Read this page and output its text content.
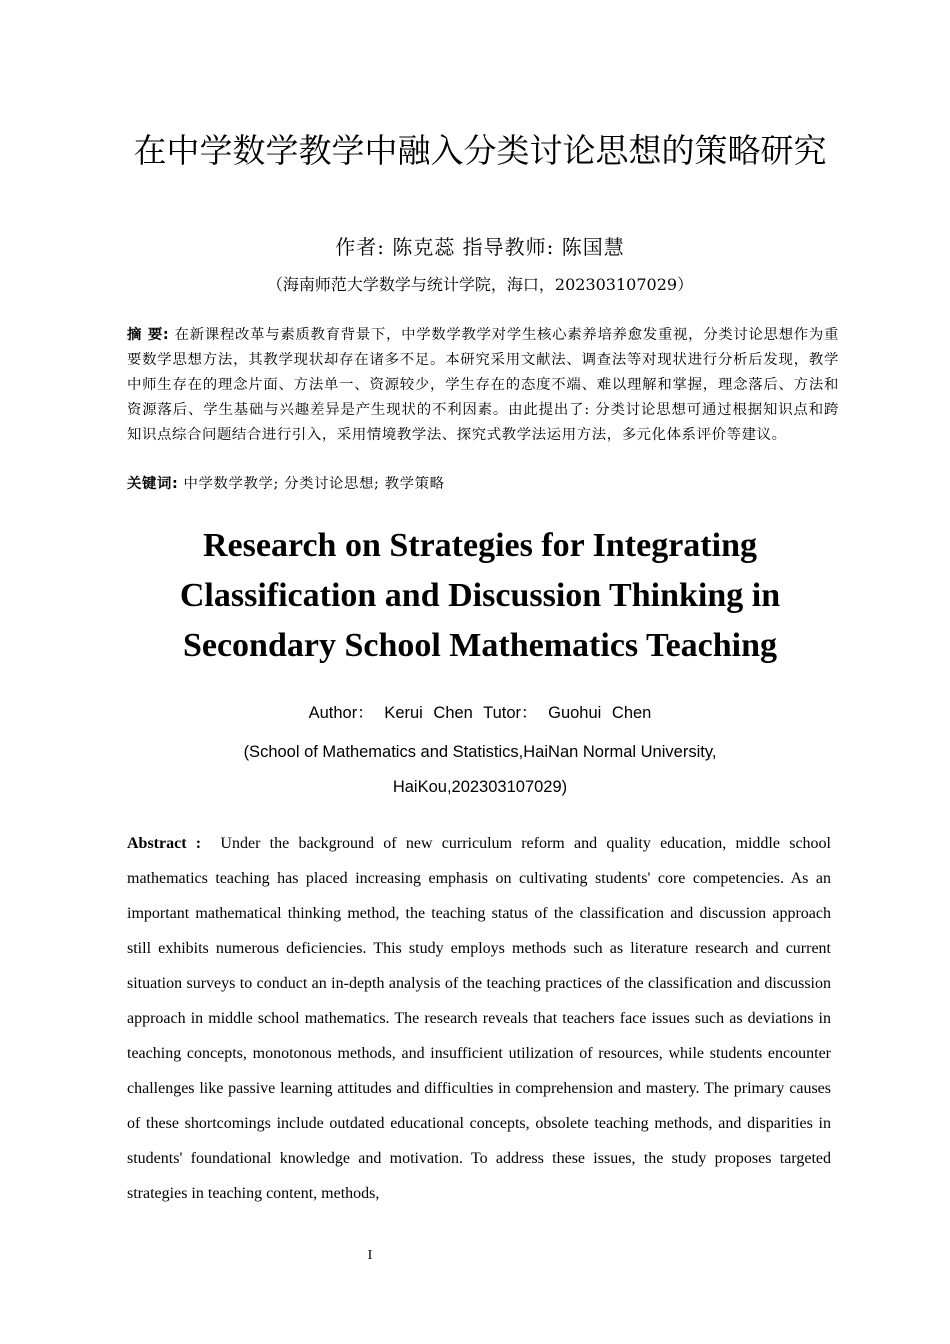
在中学数学教学中融入分类讨论思想的策略研究
作者: 陈克蕊 指导教师: 陈国慧
（海南师范大学数学与统计学院，海口，202303107029）
摘 要: 在新课程改革与素质教育背景下，中学数学教学对学生核心素养培养愈发重视，分类讨论思想作为重要数学思想方法，其教学现状却存在诸多不足。本研究采用文献法、调查法等对现状进行分析后发现，教学中师生存在的理念片面、方法单一、资源较少，学生存在的态度不端、难以理解和掌握，理念落后、方法和资源落后、学生基础与兴趣差异是产生现状的不利因素。由此提出了: 分类讨论思想可通过根据知识点和跨知识点综合问题结合进行引入，采用情境教学法、探究式教学法运用方法，多元化体系评价等建议。
关键词: 中学数学教学; 分类讨论思想; 教学策略
Research on Strategies for Integrating Classification and Discussion Thinking in Secondary School Mathematics Teaching
Author： Kerui Chen Tutor： Guohui Chen
(School of Mathematics and Statistics,HaiNan Normal University, HaiKou,202303107029)
Abstract : Under the background of new curriculum reform and quality education, middle school mathematics teaching has placed increasing emphasis on cultivating students' core competencies. As an important mathematical thinking method, the teaching status of the classification and discussion approach still exhibits numerous deficiencies. This study employs methods such as literature research and current situation surveys to conduct an in-depth analysis of the teaching practices of the classification and discussion approach in middle school mathematics. The research reveals that teachers face issues such as deviations in teaching concepts, monotonous methods, and insufficient utilization of resources, while students encounter challenges like passive learning attitudes and difficulties in comprehension and mastery. The primary causes of these shortcomings include outdated educational concepts, obsolete teaching methods, and disparities in students' foundational knowledge and motivation. To address these issues, the study proposes targeted strategies in teaching content, methods,
I
